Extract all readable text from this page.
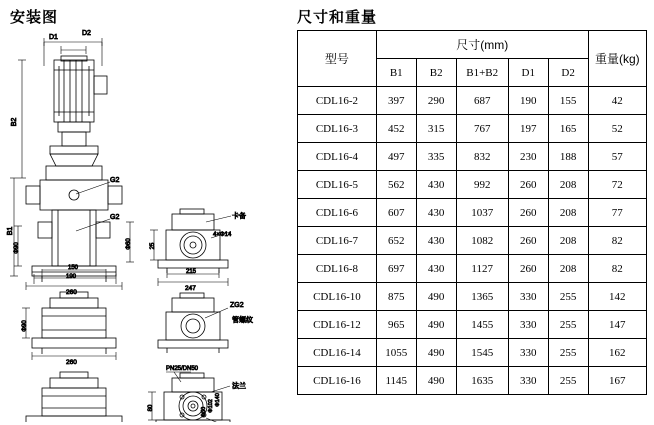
安装图
D1
D2
G2
G2
B2
B1
150
190
260
Φ90	Φ60
卡备
4×Φ14
215
247
25
Φ90
260
ZG2
管螺纹
PN25/DN50
法兰
80
Φ140
Φ102
Φ50
尺寸和重量
型号	尺寸(mm)					重量(kg)
	B1	B2	B1+B2	D1	D2	
CDL16-2	397	290	687	190	155	42
CDL16-3	452	315	767	197	165	52
CDL16-4	497	335	832	230	188	57
CDL16-5	562	430	992	260	208	72
CDL16-6	607	430	1037	260	208	77
CDL16-7	652	430	1082	260	208	82
CDL16-8	697	430	1127	260	208	82
CDL16-10	875	490	1365	330	255	142
CDL16-12	965	490	1455	330	255	147
CDL16-14	1055	490	1545	330	255	162
CDL16-16	1145	490	1635	330	255	167
